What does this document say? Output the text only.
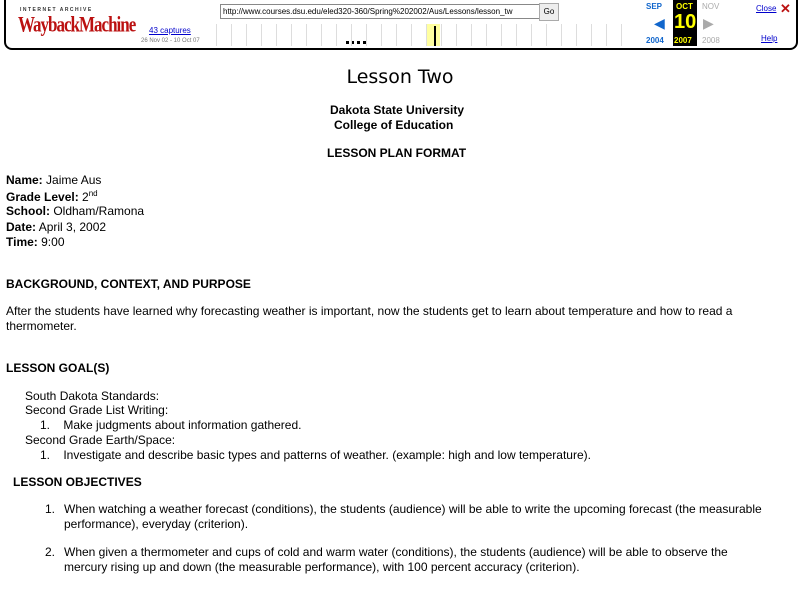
INTERNET ARCHIVE
WaybackMachine
http://www.courses.dsu.edu/eled320-360/Spring%202002/Aus/Lessons/lesson_tw	Go
43 captures
26 Nov 02 - 10 Oct 07
SEP OCT
10
2007
NOV
◀	▶
2004	2008
Close ✕
Help
Lesson Two
Dakota State University
College of Education
LESSON PLAN FORMAT
Name: Jaime Aus
Grade Level: 2nd
School: Oldham/Ramona
Date: April 3, 2002
Time: 9:00
BACKGROUND, CONTEXT, AND PURPOSE
After the students have learned why forecasting weather is important, now the students get to learn about temperature and how to read a
thermometer.
LESSON GOAL(S)
South Dakota Standards:
Second Grade List Writing:
1.    Make judgments about information gathered.
Second Grade Earth/Space:
1.    Investigate and describe basic types and patterns of weather. (example: high and low temperature).
LESSON OBJECTIVES
1. When watching a weather forecast (conditions), the students (audience) will be able to write the upcoming forecast (the measurable
performance), everyday (criterion).
2. When given a thermometer and cups of cold and warm water (conditions), the students (audience) will be able to observe the
mercury rising up and down (the measurable performance), with 100 percent accuracy (criterion).
